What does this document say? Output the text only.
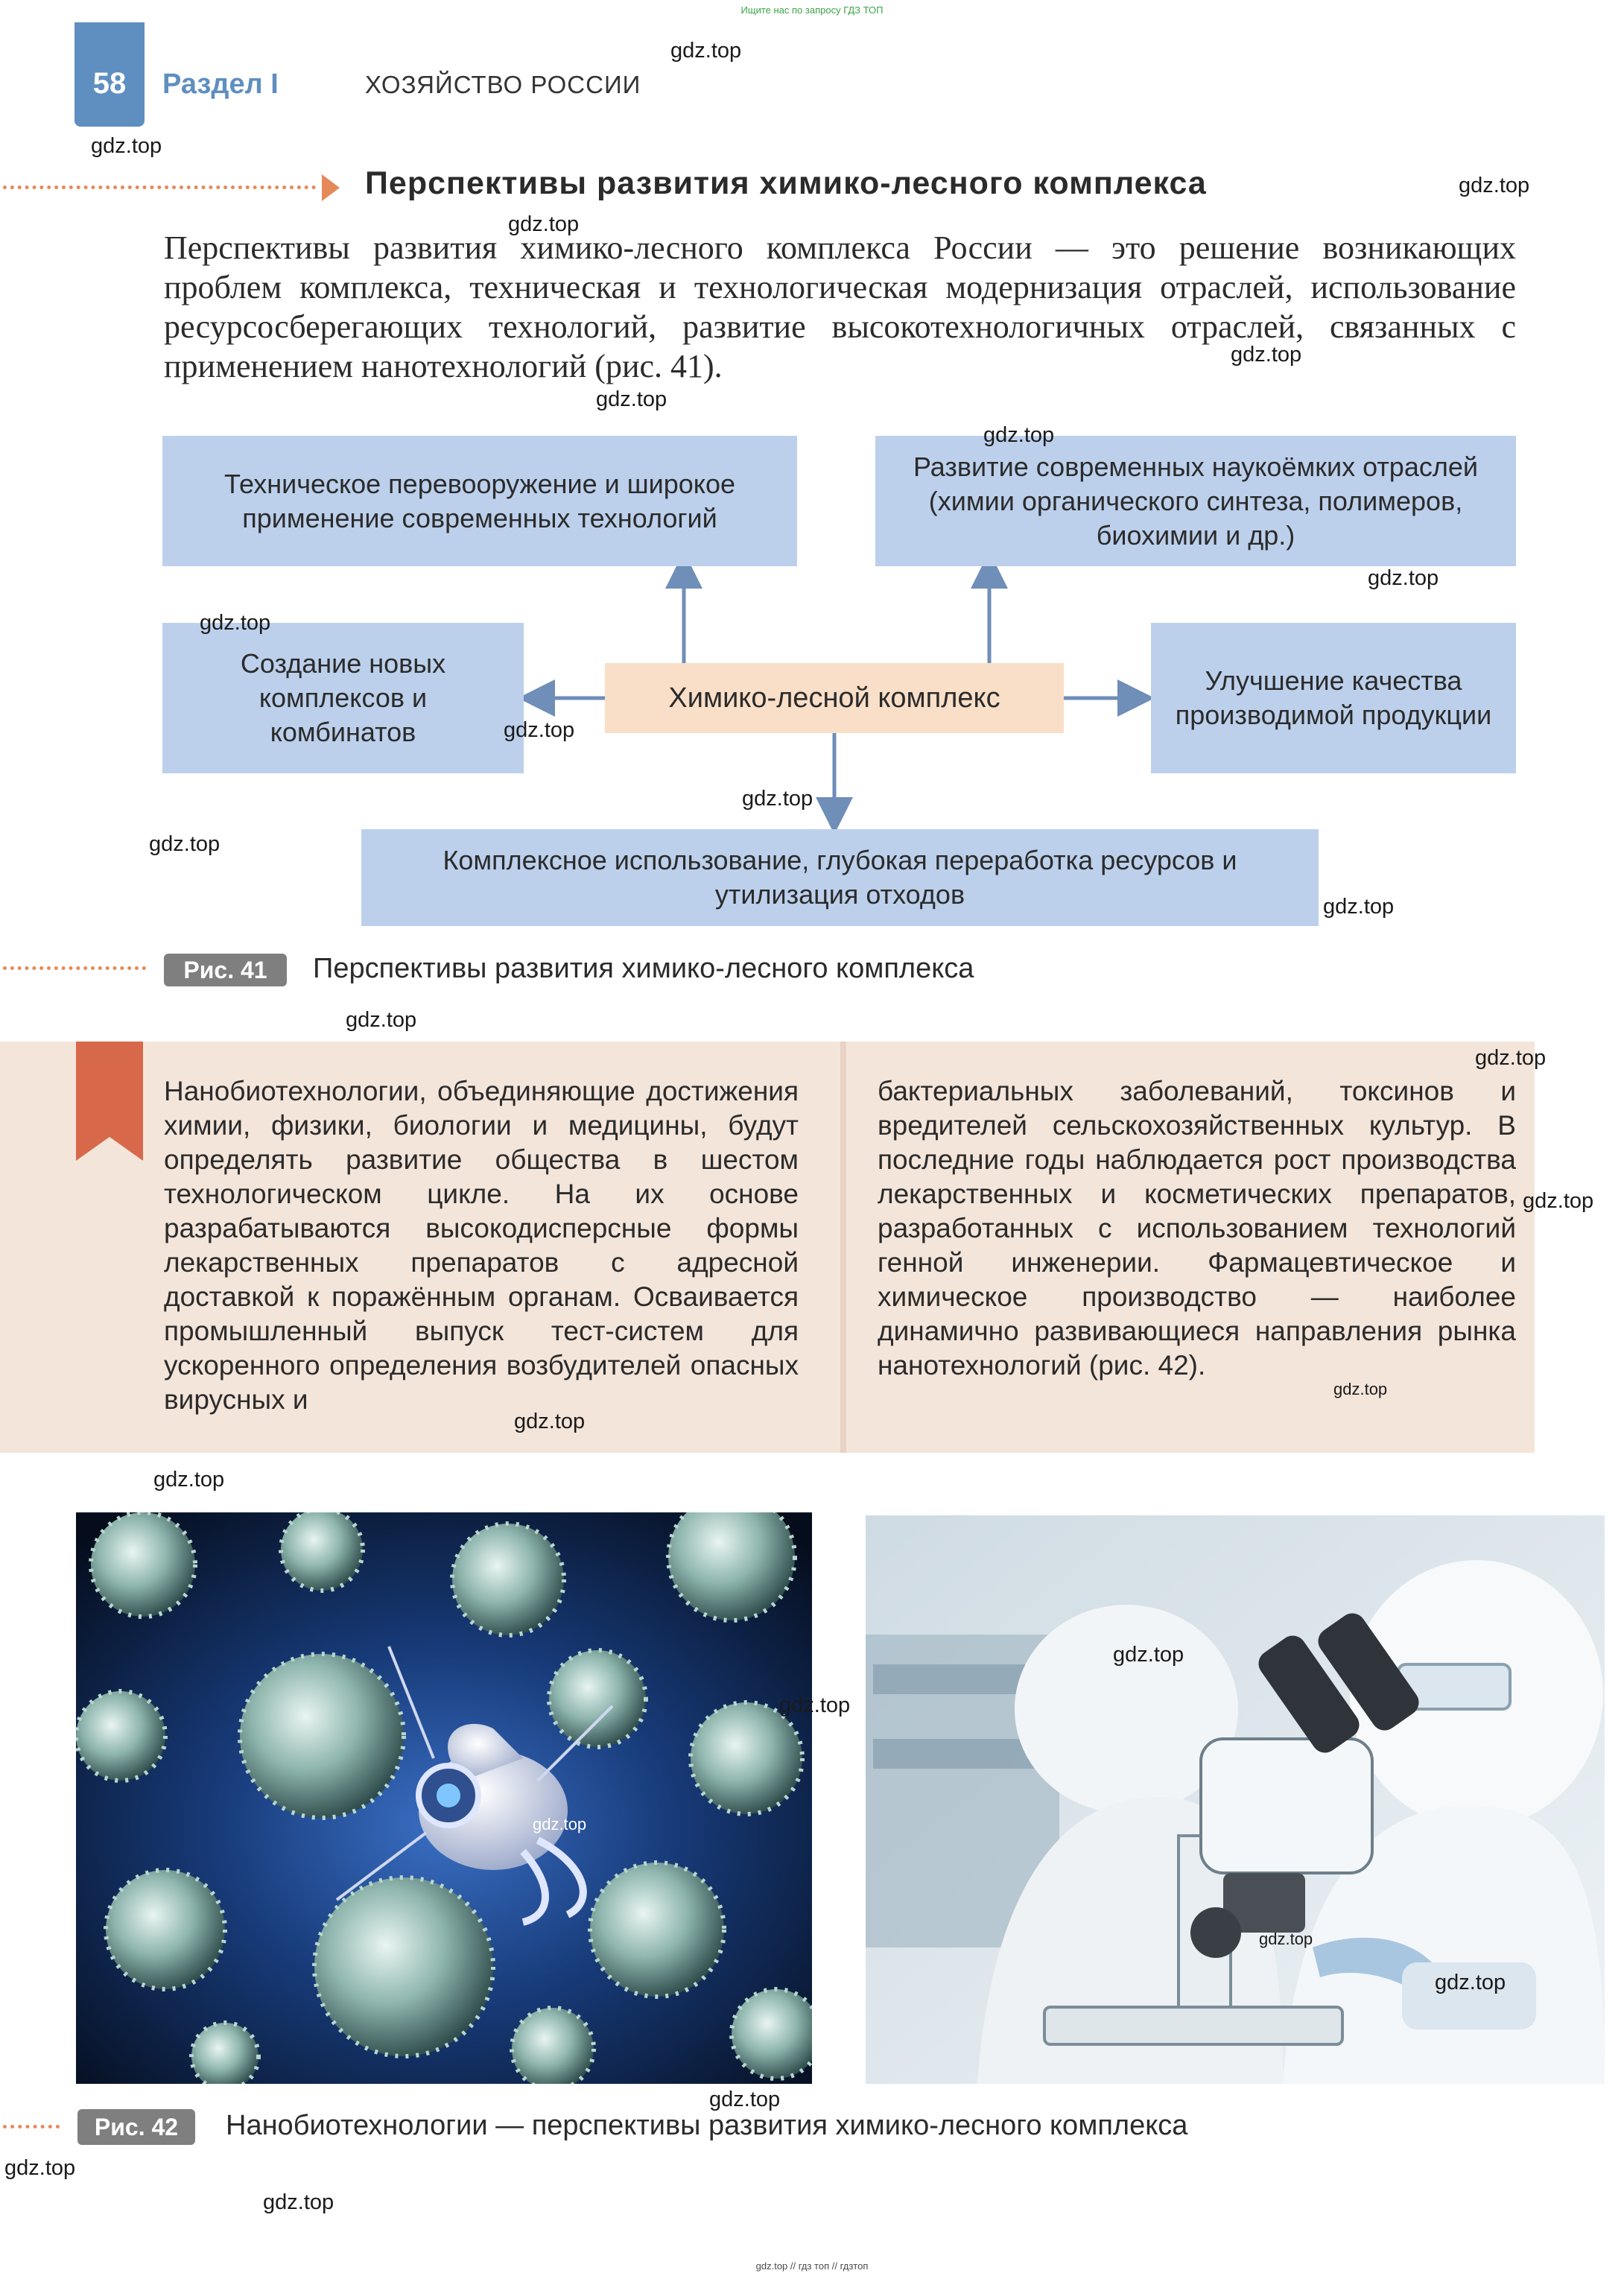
Ищите нас по запросу ГДЗ ТОП
58	Раздел I	ХОЗЯЙСТВО РОССИИ
Перспективы развития химико-лесного комплекса
Перспективы развития химико-лесного комплекса России — это решение возникающих проблем комплекса, техническая и технологическая модернизация отраслей, использование ресурсосберегающих технологий, развитие высокотехнологичных отраслей, связанных с применением нанотехнологий (рис. 41).
Техническое перевооружение и широкое применение современных технологий
Развитие современных наукоёмких отраслей (химии органического синтеза, полимеров, биохимии и др.)
Создание новых комплексов и комбинатов
Химико-лесной комплекс
Улучшение качества производимой продукции
Комплексное использование, глубокая переработка ресурсов и утилизация отходов
Рис. 41	Перспективы развития химико-лесного комплекса
Нанобиотехнологии, объединяющие достижения химии, физики, биологии и медицины, будут определять развитие общества в шестом технологическом цикле. На их основе разрабатываются высокодисперсные формы лекарственных препаратов с адресной доставкой к поражённым органам. Осваивается промышленный выпуск тест-систем для ускоренного определения возбудителей опасных вирусных и
бактериальных заболеваний, токсинов и вредителей сельскохозяйственных культур. В последние годы наблюдается рост производства лекарственных и косметических препаратов, разработанных с использованием технологий генной инженерии. Фармацевтическое и химическое производство — наиболее динамично развивающиеся направления рынка нанотехнологий (рис. 42).
Рис. 42	Нанобиотехнологии — перспективы развития химико-лесного комплекса
gdz.top
gdz.top
gdz.top
gdz.top
gdz.top
gdz.top
gdz.top
gdz.top
gdz.top
gdz.top
gdz.top
gdz.top
gdz.top
gdz.top
gdz.top
gdz.top
gdz.top
gdz.top
gdz.top
gdz.top
gdz.top
gdz.top
gdz.top
gdz.top
gdz.top
gdz.top
gdz.top
gdz.top // гдз топ // гдзтоп
